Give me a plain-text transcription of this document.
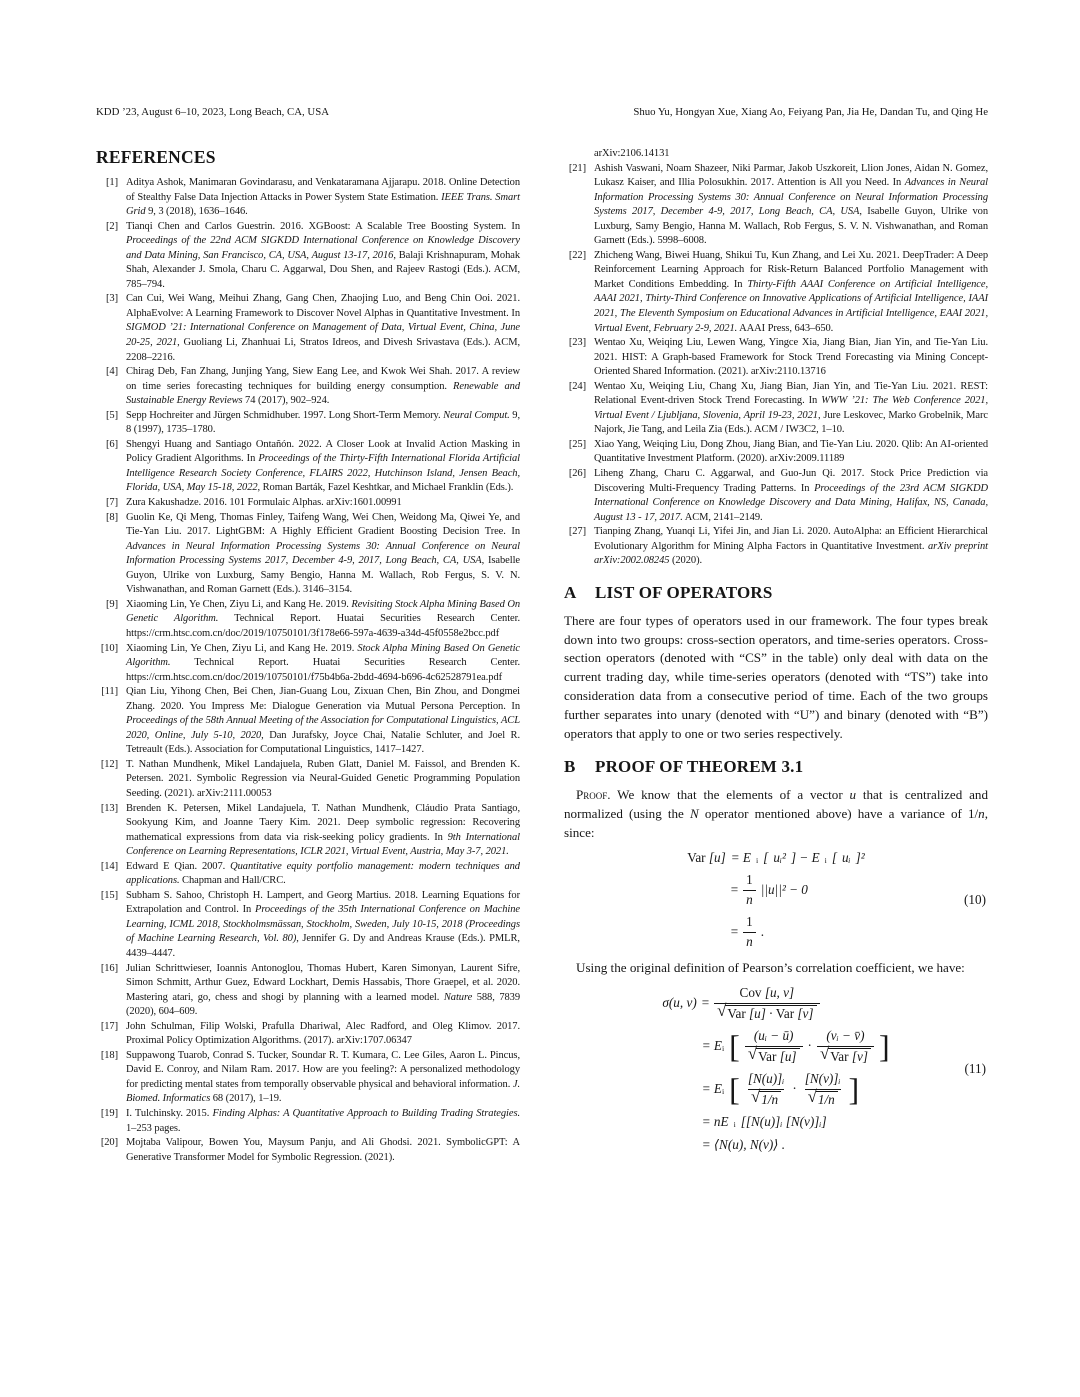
KDD ’23, August 6–10, 2023, Long Beach, CA, USA	Shuo Yu, Hongyan Xue, Xiang Ao, Feiyang Pan, Jia He, Dandan Tu, and Qing He
REFERENCES
[1] Aditya Ashok, Manimaran Govindarasu, and Venkataramana Ajjarapu. 2018. Online Detection of Stealthy False Data Injection Attacks in Power System State Estimation. IEEE Trans. Smart Grid 9, 3 (2018), 1636–1646.
[2] Tianqi Chen and Carlos Guestrin. 2016. XGBoost: A Scalable Tree Boosting System. In Proceedings of the 22nd ACM SIGKDD International Conference on Knowledge Discovery and Data Mining, San Francisco, CA, USA, August 13-17, 2016, Balaji Krishnapuram, Mohak Shah, Alexander J. Smola, Charu C. Aggarwal, Dou Shen, and Rajeev Rastogi (Eds.). ACM, 785–794.
[3] Can Cui, Wei Wang, Meihui Zhang, Gang Chen, Zhaojing Luo, and Beng Chin Ooi. 2021. AlphaEvolve: A Learning Framework to Discover Novel Alphas in Quantitative Investment. In SIGMOD ’21: International Conference on Management of Data, Virtual Event, China, June 20-25, 2021, Guoliang Li, Zhanhuai Li, Stratos Idreos, and Divesh Srivastava (Eds.). ACM, 2208–2216.
[4] Chirag Deb, Fan Zhang, Junjing Yang, Siew Eang Lee, and Kwok Wei Shah. 2017. A review on time series forecasting techniques for building energy consumption. Renewable and Sustainable Energy Reviews 74 (2017), 902–924.
[5] Sepp Hochreiter and Jürgen Schmidhuber. 1997. Long Short-Term Memory. Neural Comput. 9, 8 (1997), 1735–1780.
[6] Shengyi Huang and Santiago Ontañón. 2022. A Closer Look at Invalid Action Masking in Policy Gradient Algorithms. In Proceedings of the Thirty-Fifth International Florida Artificial Intelligence Research Society Conference, FLAIRS 2022, Hutchinson Island, Jensen Beach, Florida, USA, May 15-18, 2022, Roman Barták, Fazel Keshtkar, and Michael Franklin (Eds.).
[7] Zura Kakushadze. 2016. 101 Formulaic Alphas. arXiv:1601.00991
[8] Guolin Ke, Qi Meng, Thomas Finley, Taifeng Wang, Wei Chen, Weidong Ma, Qiwei Ye, and Tie-Yan Liu. 2017. LightGBM: A Highly Efficient Gradient Boosting Decision Tree. In Advances in Neural Information Processing Systems 30: Annual Conference on Neural Information Processing Systems 2017, December 4-9, 2017, Long Beach, CA, USA, Isabelle Guyon, Ulrike von Luxburg, Samy Bengio, Hanna M. Wallach, Rob Fergus, S. V. N. Vishwanathan, and Roman Garnett (Eds.). 3146–3154.
[9] Xiaoming Lin, Ye Chen, Ziyu Li, and Kang He. 2019. Revisiting Stock Alpha Mining Based On Genetic Algorithm. Technical Report. Huatai Securities Research Center. https://crm.htsc.com.cn/doc/2019/10750101/3f178e66-597a-4639-a34d-45f0558e2bcc.pdf
[10] Xiaoming Lin, Ye Chen, Ziyu Li, and Kang He. 2019. Stock Alpha Mining Based On Genetic Algorithm. Technical Report. Huatai Securities Research Center. https://crm.htsc.com.cn/doc/2019/10750101/f75b4b6a-2bdd-4694-b696-4c62528791ea.pdf
[11] Qian Liu, Yihong Chen, Bei Chen, Jian-Guang Lou, Zixuan Chen, Bin Zhou, and Dongmei Zhang. 2020. You Impress Me: Dialogue Generation via Mutual Persona Perception. In Proceedings of the 58th Annual Meeting of the Association for Computational Linguistics, ACL 2020, Online, July 5-10, 2020, Dan Jurafsky, Joyce Chai, Natalie Schluter, and Joel R. Tetreault (Eds.). Association for Computational Linguistics, 1417–1427.
[12] T. Nathan Mundhenk, Mikel Landajuela, Ruben Glatt, Daniel M. Faissol, and Brenden K. Petersen. 2021. Symbolic Regression via Neural-Guided Genetic Programming Population Seeding. (2021). arXiv:2111.00053
[13] Brenden K. Petersen, Mikel Landajuela, T. Nathan Mundhenk, Cláudio Prata Santiago, Sookyung Kim, and Joanne Taery Kim. 2021. Deep symbolic regression: Recovering mathematical expressions from data via risk-seeking policy gradients. In 9th International Conference on Learning Representations, ICLR 2021, Virtual Event, Austria, May 3-7, 2021.
[14] Edward E Qian. 2007. Quantitative equity portfolio management: modern techniques and applications. Chapman and Hall/CRC.
[15] Subham S. Sahoo, Christoph H. Lampert, and Georg Martius. 2018. Learning Equations for Extrapolation and Control. In Proceedings of the 35th International Conference on Machine Learning, ICML 2018, Stockholmsmässan, Stockholm, Sweden, July 10-15, 2018 (Proceedings of Machine Learning Research, Vol. 80), Jennifer G. Dy and Andreas Krause (Eds.). PMLR, 4439–4447.
[16] Julian Schrittwieser, Ioannis Antonoglou, Thomas Hubert, Karen Simonyan, Laurent Sifre, Simon Schmitt, Arthur Guez, Edward Lockhart, Demis Hassabis, Thore Graepel, et al. 2020. Mastering atari, go, chess and shogi by planning with a learned model. Nature 588, 7839 (2020), 604–609.
[17] John Schulman, Filip Wolski, Prafulla Dhariwal, Alec Radford, and Oleg Klimov. 2017. Proximal Policy Optimization Algorithms. (2017). arXiv:1707.06347
[18] Suppawong Tuarob, Conrad S. Tucker, Soundar R. T. Kumara, C. Lee Giles, Aaron L. Pincus, David E. Conroy, and Nilam Ram. 2017. How are you feeling?: A personalized methodology for predicting mental states from temporally observable physical and behavioral information. J. Biomed. Informatics 68 (2017), 1–19.
[19] I. Tulchinsky. 2015. Finding Alphas: A Quantitative Approach to Building Trading Strategies. 1–253 pages.
[20] Mojtaba Valipour, Bowen You, Maysum Panju, and Ali Ghodsi. 2021. SymbolicGPT: A Generative Transformer Model for Symbolic Regression. (2021).
arXiv:2106.14131
[21] Ashish Vaswani, Noam Shazeer, Niki Parmar, Jakob Uszkoreit, Llion Jones, Aidan N. Gomez, Lukasz Kaiser, and Illia Polosukhin. 2017. Attention is All you Need. In Advances in Neural Information Processing Systems 30: Annual Conference on Neural Information Processing Systems 2017, December 4-9, 2017, Long Beach, CA, USA, Isabelle Guyon, Ulrike von Luxburg, Samy Bengio, Hanna M. Wallach, Rob Fergus, S. V. N. Vishwanathan, and Roman Garnett (Eds.). 5998–6008.
[22] Zhicheng Wang, Biwei Huang, Shikui Tu, Kun Zhang, and Lei Xu. 2021. DeepTrader: A Deep Reinforcement Learning Approach for Risk-Return Balanced Portfolio Management with Market Conditions Embedding. In Thirty-Fifth AAAI Conference on Artificial Intelligence, AAAI 2021, Thirty-Third Conference on Innovative Applications of Artificial Intelligence, IAAI 2021, The Eleventh Symposium on Educational Advances in Artificial Intelligence, EAAI 2021, Virtual Event, February 2-9, 2021. AAAI Press, 643–650.
[23] Wentao Xu, Weiqing Liu, Lewen Wang, Yingce Xia, Jiang Bian, Jian Yin, and Tie-Yan Liu. 2021. HIST: A Graph-based Framework for Stock Trend Forecasting via Mining Concept-Oriented Shared Information. (2021). arXiv:2110.13716
[24] Wentao Xu, Weiqing Liu, Chang Xu, Jiang Bian, Jian Yin, and Tie-Yan Liu. 2021. REST: Relational Event-driven Stock Trend Forecasting. In WWW ’21: The Web Conference 2021, Virtual Event / Ljubljana, Slovenia, April 19-23, 2021, Jure Leskovec, Marko Grobelnik, Marc Najork, Jie Tang, and Leila Zia (Eds.). ACM / IW3C2, 1–10.
[25] Xiao Yang, Weiqing Liu, Dong Zhou, Jiang Bian, and Tie-Yan Liu. 2020. Qlib: An AI-oriented Quantitative Investment Platform. (2020). arXiv:2009.11189
[26] Liheng Zhang, Charu C. Aggarwal, and Guo-Jun Qi. 2017. Stock Price Prediction via Discovering Multi-Frequency Trading Patterns. In Proceedings of the 23rd ACM SIGKDD International Conference on Knowledge Discovery and Data Mining, Halifax, NS, Canada, August 13 - 17, 2017. ACM, 2141–2149.
[27] Tianping Zhang, Yuanqi Li, Yifei Jin, and Jian Li. 2020. AutoAlpha: an Efficient Hierarchical Evolutionary Algorithm for Mining Alpha Factors in Quantitative Investment. arXiv preprint arXiv:2002.08245 (2020).
A LIST OF OPERATORS

There are four types of operators used in our framework. The four types break down into two groups: cross-section operators, and time-series operators. Cross-section operators (denoted with “CS” in the table) only deal with data on the current trading day, while time-series operators (denoted with “TS”) take into consideration data from a consecutive period of time. Each of the two groups further separates into unary (denoted with “U”) and binary (denoted with “B”) operators that apply to one or two series respectively.

B PROOF OF THEOREM 3.1

Proof. We know that the elements of a vector u that is centralized and normalized (using the N operator mentioned above) have a variance of 1/n, since:

Var [u] = E ᵢ [ uᵢ² ] − E ᵢ [ uᵢ ]²
= $\frac{1}{n} ||u||^2 - 0$
= $\frac{1}{n}$ .
(10)

Using the original definition of Pearson’s correlation coefficient, we have:

σ(u, $v) = \frac{\text{Cov [u, v]}}{\text{√ Var [u] · Var [v]}}$
= Eᵢ [ $\frac{\text{(uᵢ − ū)}}{\text{√ Var [u]}} \cdot \frac{\text{(vᵢ − v̄)}}{\text{√ Var [v]}}$ ]
= Eᵢ [ $\frac{\text{[N(u)]ᵢ}}{√ 1/n} \cdot \frac{\text{[N(v)]ᵢ}}{√ 1/n}$ ]
= nE ᵢ [[N(u)]ᵢ [N(v)]ᵢ]
= ⟨N(u), N(v)⟩ .
(11)
